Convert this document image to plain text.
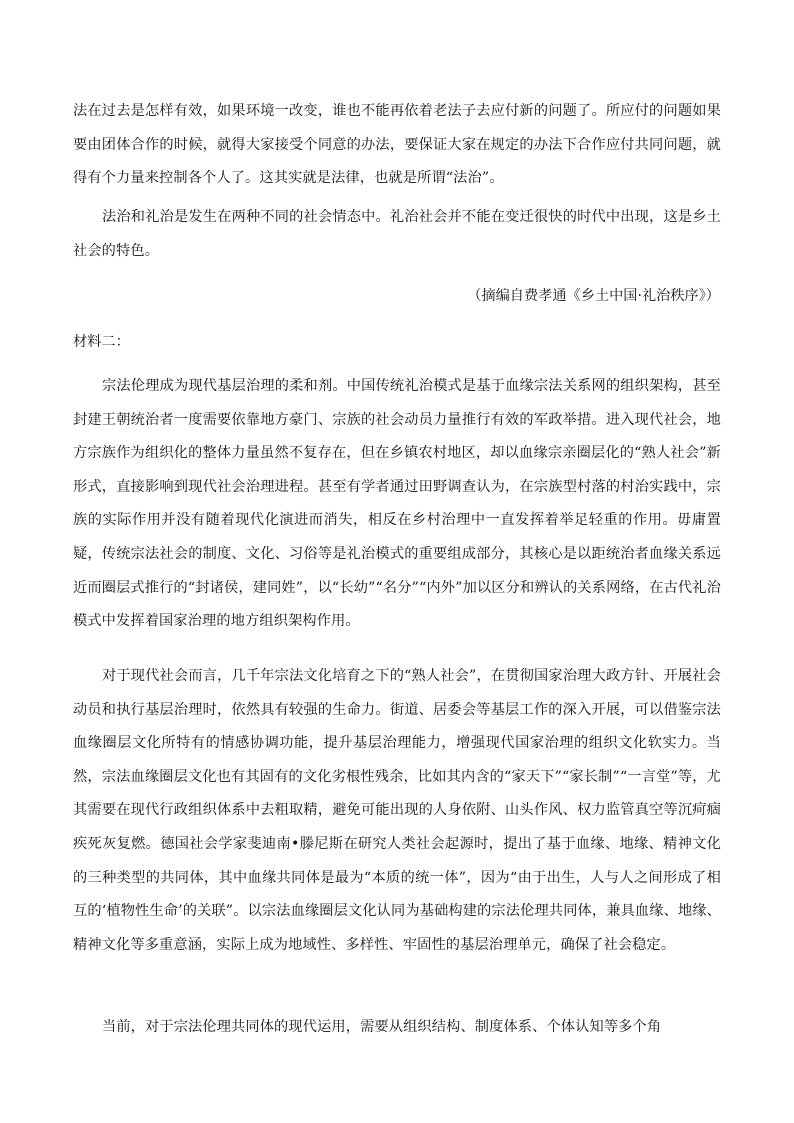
法在过去是怎样有效，如果环境一改变，谁也不能再依着老法子去应付新的问题了。所应付的问题如果要由团体合作的时候，就得大家接受个同意的办法，要保证大家在规定的办法下合作应付共同问题，就得有个力量来控制各个人了。这其实就是法律，也就是所谓“法治”。

法治和礼治是发生在两种不同的社会情态中。礼治社会并不能在变迁很快的时代中出现，这是乡土社会的特色。

（摘编自费孝通《乡土中国·礼治秩序》）
材料二：

宗法伦理成为现代基层治理的柔和剂。中国传统礼治模式是基于血缘宗法关系网的组织架构，甚至封建王朝统治者一度需要依靠地方豪门、宗族的社会动员力量推行有效的军政举措。进入现代社会，地方宗族作为组织化的整体力量虽然不复存在，但在乡镇农村地区，却以血缘宗亲圈层化的“熟人社会”新形式，直接影响到现代社会治理进程。甚至有学者通过田野调查认为，在宗族型村落的村治实践中，宗族的实际作用并没有随着现代化演进而消失，相反在乡村治理中一直发挥着举足轻重的作用。毋庸置疑，传统宗法社会的制度、文化、习俗等是礼治模式的重要组成部分，其核心是以距统治者血缘关系远近而圈层式推行的“封诸侯，建同姓”，以“长幼”“名分”“内外”加以区分和辨认的关系网络，在古代礼治模式中发挥着国家治理的地方组织架构作用。

对于现代社会而言，几千年宗法文化培育之下的“熟人社会”，在贯彻国家治理大政方针、开展社会动员和执行基层治理时，依然具有较强的生命力。街道、居委会等基层工作的深入开展，可以借鉴宗法血缘圈层文化所特有的情感协调功能，提升基层治理能力，增强现代国家治理的组织文化软实力。当然，宗法血缘圈层文化也有其固有的文化劣根性残余，比如其内含的“家天下”“家长制”“一言堂”等，尤其需要在现代行政组织体系中去粗取精，避免可能出现的人身依附、山头作风、权力监管真空等沉疴痼疾死灰复燃。德国社会学家斐迪南•滕尼斯在研究人类社会起源时，提出了基于血缘、地缘、精神文化的三种类型的共同体，其中血缘共同体是最为“本质的统一体”，因为“由于出生，人与人之间形成了相互的‘植物性生命’的关联”。以宗法血缘圈层文化认同为基础构建的宗法伦理共同体，兼具血缘、地缘、精神文化等多重意涵，实际上成为地域性、多样性、牢固性的基层治理单元，确保了社会稳定。

当前，对于宗法伦理共同体的现代运用，需要从组织结构、制度体系、个体认知等多个角
